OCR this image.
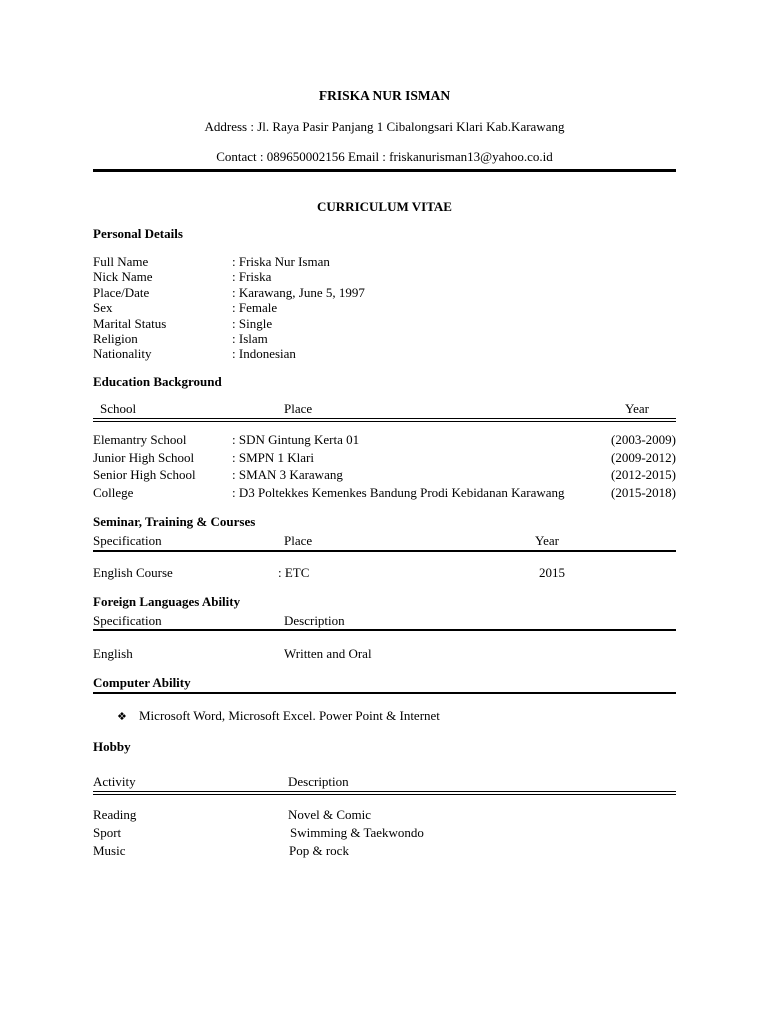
FRISKA NUR ISMAN
Address : Jl. Raya Pasir Panjang 1 Cibalongsari Klari Kab.Karawang
Contact : 089650002156 Email : friskanurisman13@yahoo.co.id
CURRICULUM VITAE
Personal Details
Full Name	: Friska Nur Isman
Nick Name	: Friska
Place/Date	: Karawang, June 5, 1997
Sex	: Female
Marital Status	: Single
Religion	: Islam
Nationality	: Indonesian
Education Background
School	Place	Year
Elemantry School	: SDN Gintung Kerta 01	(2003-2009)
Junior High School	: SMPN 1 Klari	(2009-2012)
Senior High School	: SMAN 3 Karawang	(2012-2015)
College	: D3 Poltekkes Kemenkes Bandung Prodi Kebidanan Karawang	(2015-2018)
Seminar, Training & Courses
Specification	Place	Year
English Course	: ETC	2015
Foreign Languages Ability
Specification	Description
English	Written and Oral
Computer Ability
❖ Microsoft Word, Microsoft Excel. Power Point & Internet
Hobby
Activity	Description
Reading	Novel & Comic
Sport	Swimming & Taekwondo
Music	Pop & rock
